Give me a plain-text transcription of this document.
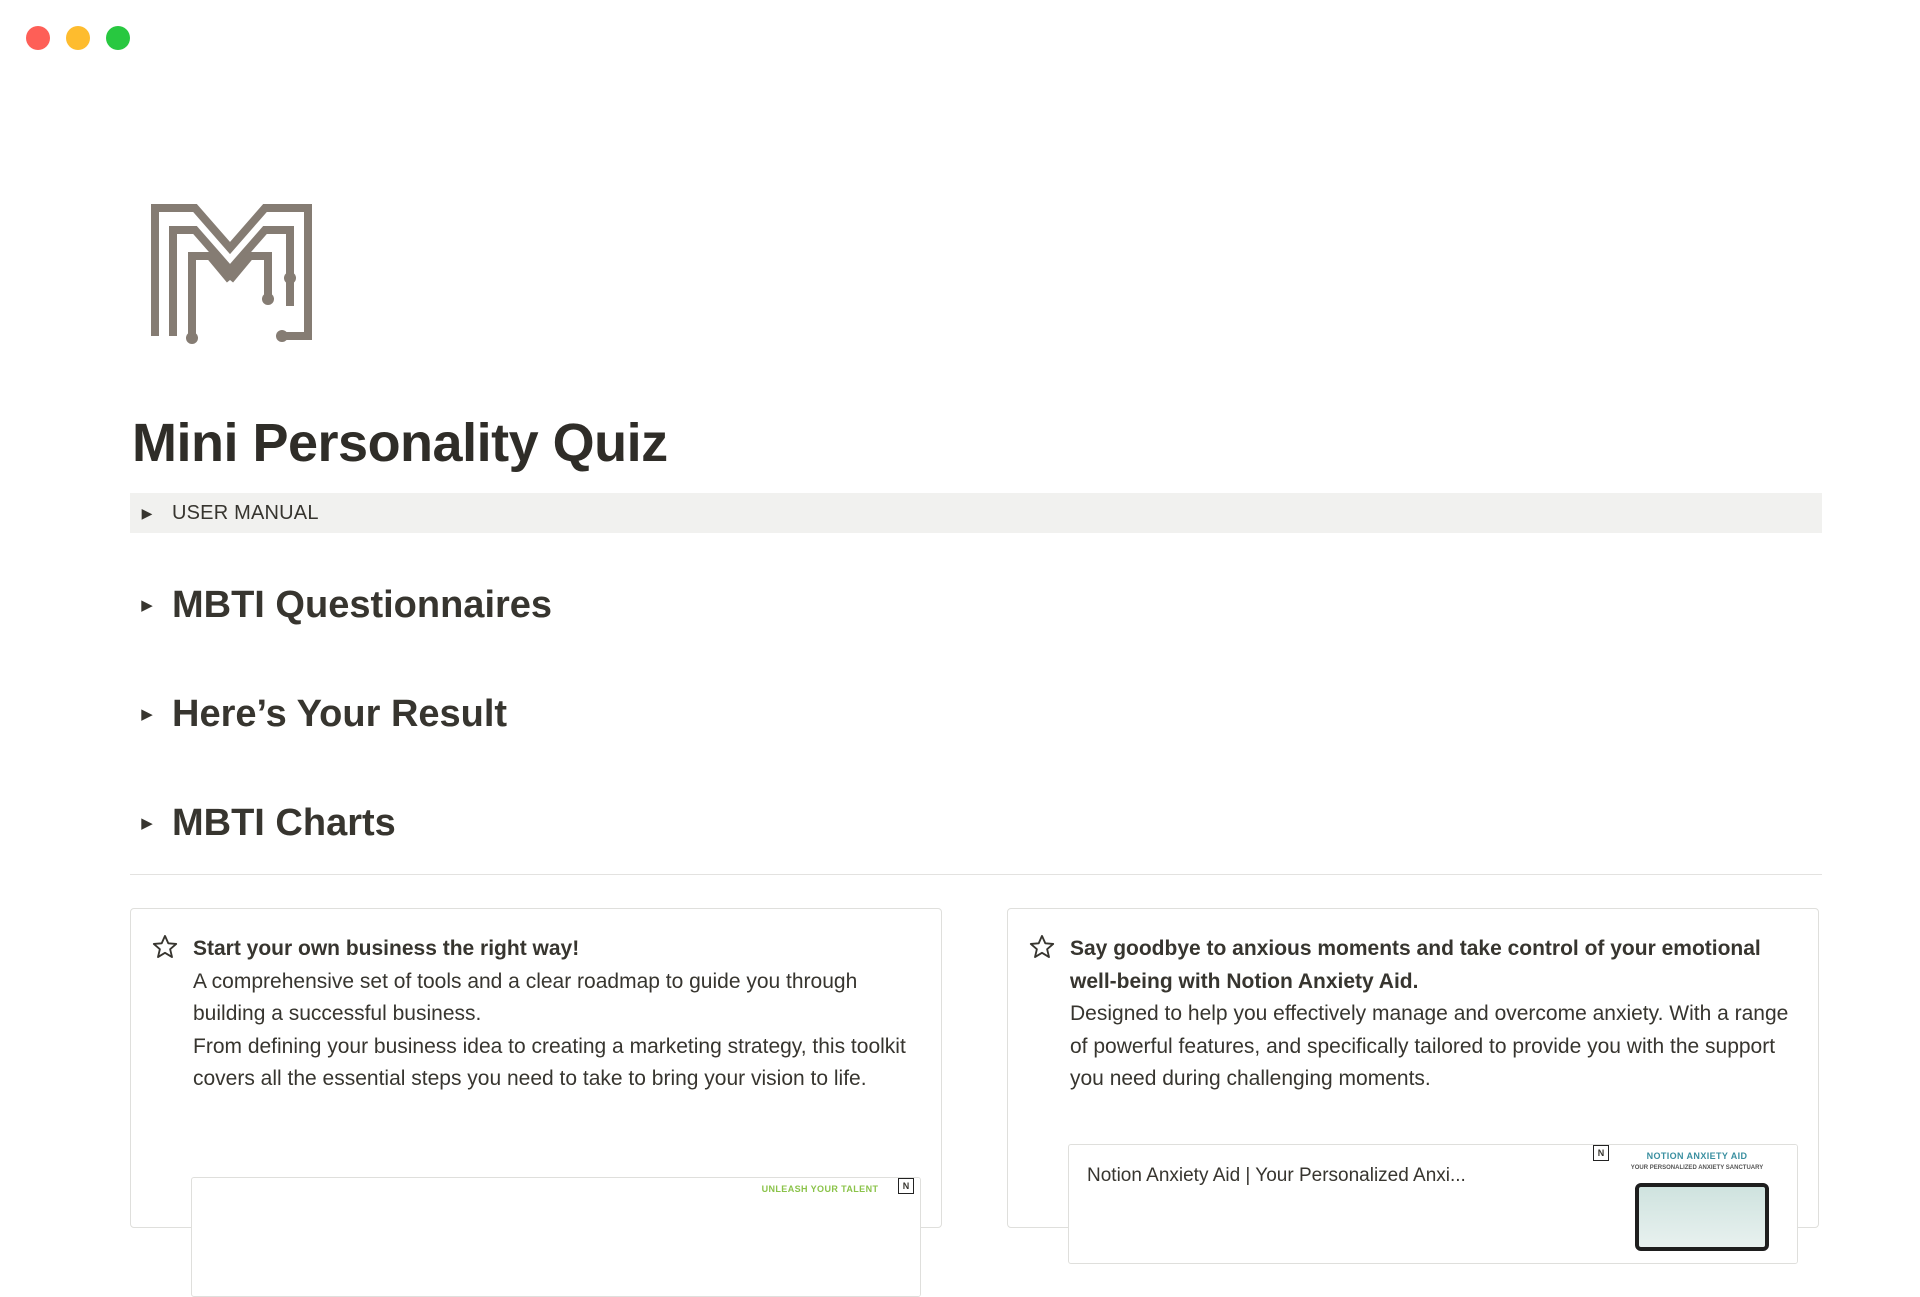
Mini Personality Quiz
▶ USER MANUAL
▶ MBTI Questionnaires
▶ Here’s Your Result
▶ MBTI Charts
Start your own business the right way!
A comprehensive set of tools and a clear roadmap to guide you through building a successful business.
From defining your business idea to creating a marketing strategy, this toolkit covers all the essential steps you need to take to bring your vision to life.
N
UNLEASH YOUR TALENT
Say goodbye to anxious moments and take control of your emotional well-being with Notion Anxiety Aid.
Designed to help you effectively manage and overcome anxiety. With a range of powerful features, and specifically tailored to provide you with the support you need during challenging moments.
Notion Anxiety Aid | Your Personalized Anxi...
N	NOTION ANXIETY AID
YOUR PERSONALIZED ANXIETY SANCTUARY
